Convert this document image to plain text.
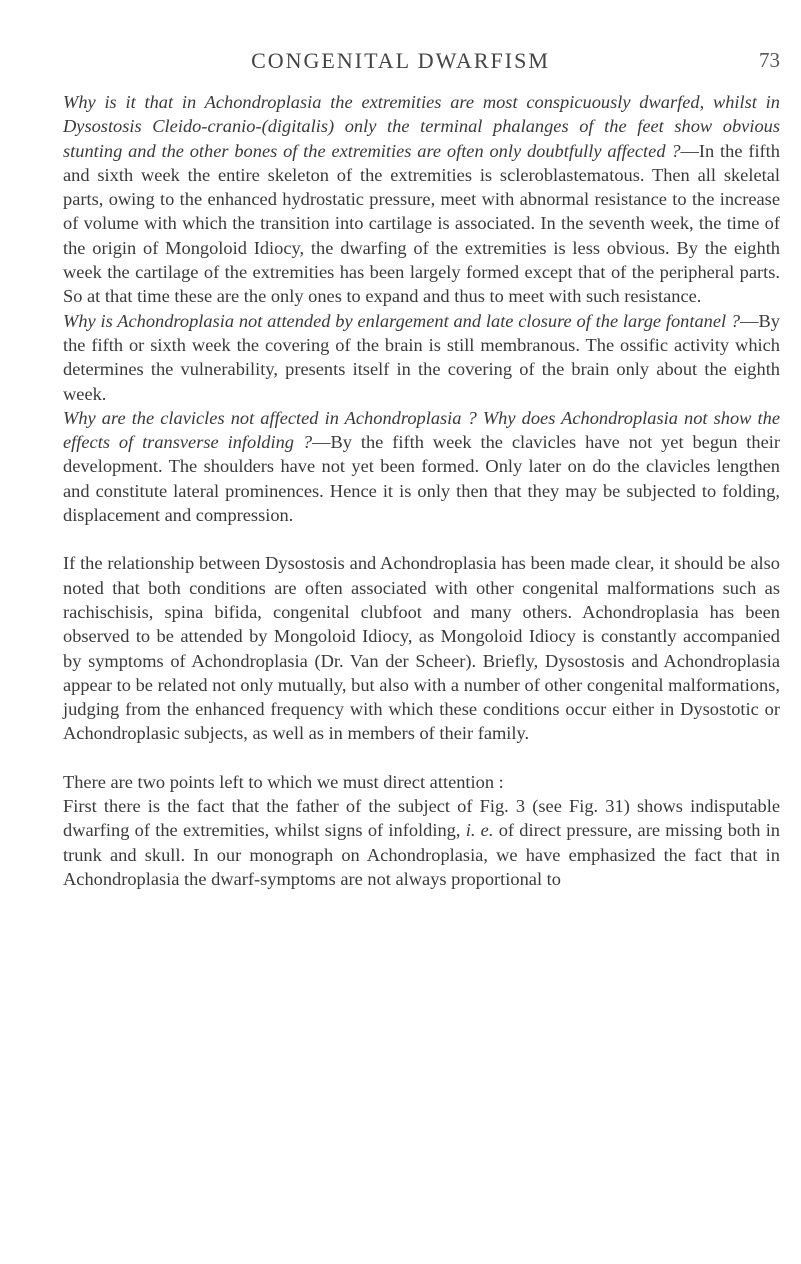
CONGENITAL DWARFISM	73

Why is it that in Achondroplasia the extremities are most conspicuously dwarfed, whilst in Dysostosis Cleido-cranio-(digitalis) only the terminal phalanges of the feet show obvious stunting and the other bones of the extremities are often only doubtfully affected ?—In the fifth and sixth week the entire skeleton of the extremities is scleroblastematous. Then all skeletal parts, owing to the enhanced hydrostatic pressure, meet with abnormal resistance to the increase of volume with which the transition into cartilage is associated. In the seventh week, the time of the origin of Mongoloid Idiocy, the dwarfing of the extremities is less obvious. By the eighth week the cartilage of the extremities has been largely formed except that of the peripheral parts. So at that time these are the only ones to expand and thus to meet with such resistance.

Why is Achondroplasia not attended by enlargement and late closure of the large fontanel ?—By the fifth or sixth week the covering of the brain is still membranous. The ossific activity which determines the vulnerability, presents itself in the covering of the brain only about the eighth week.

Why are the clavicles not affected in Achondroplasia ? Why does Achondroplasia not show the effects of transverse infolding ?—By the fifth week the clavicles have not yet begun their development. The shoulders have not yet been formed. Only later on do the clavicles lengthen and constitute lateral prominences. Hence it is only then that they may be subjected to folding, displacement and compression.

If the relationship between Dysostosis and Achondroplasia has been made clear, it should be also noted that both conditions are often associated with other congenital malformations such as rachischisis, spina bifida, congenital clubfoot and many others. Achondroplasia has been observed to be attended by Mongoloid Idiocy, as Mongoloid Idiocy is constantly accompanied by symptoms of Achondroplasia (Dr. Van der Scheer). Briefly, Dysostosis and Achondroplasia appear to be related not only mutually, but also with a number of other congenital malformations, judging from the enhanced frequency with which these conditions occur either in Dysostotic or Achondroplasic subjects, as well as in members of their family.

There are two points left to which we must direct attention :

First there is the fact that the father of the subject of Fig. 3 (see Fig. 31) shows indisputable dwarfing of the extremities, whilst signs of infolding, i. e. of direct pressure, are missing both in trunk and skull. In our monograph on Achondroplasia, we have emphasized the fact that in Achondroplasia the dwarf-symptoms are not always proportional to
